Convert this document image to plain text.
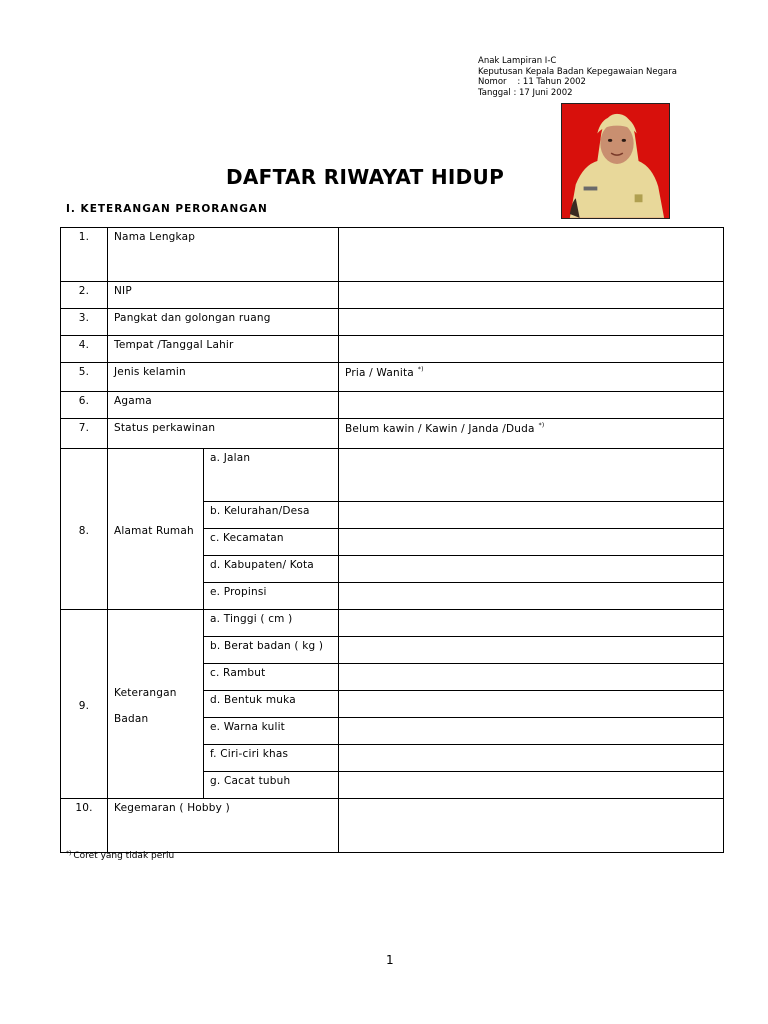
Anak Lampiran I-C
Keputusan Kepala Badan Kepegawaian Negara
Nomor    : 11 Tahun 2002
Tanggal : 17 Juni 2002
DAFTAR RIWAYAT HIDUP
I. KETERANGAN PERORANGAN
1.	Nama Lengkap		
2.	NIP		
3.	Pangkat dan golongan ruang		
4.	Tempat /Tanggal Lahir		
5.	Jenis kelamin		Pria / Wanita *)
6.	Agama		
7.	Status perkawinan		Belum kawin / Kawin / Janda /Duda *)
8.	Alamat Rumah	a. Jalan	
		b. Kelurahan/Desa	
		c. Kecamatan	
		d. Kabupaten/ Kota	
		e. Propinsi	
9.	Keterangan
Badan	a. Tinggi ( cm )	
		b. Berat badan ( kg )	
		c. Rambut	
		d. Bentuk muka	
		e. Warna kulit	
		f. Ciri-ciri khas	
		g. Cacat tubuh	
10.	Kegemaran ( Hobby )		
*) Coret yang tidak perlu
1
